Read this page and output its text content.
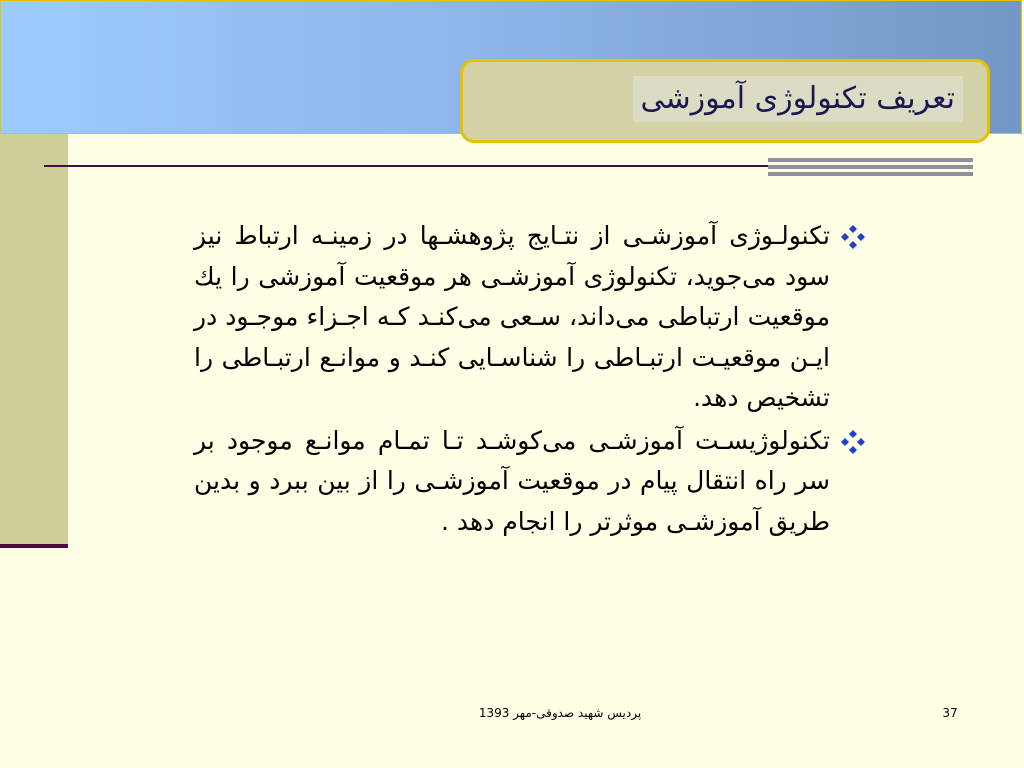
تعریف تکنولوژی آموزشی
تکنولـوژی آموزشـی از نتـایج پژوهشـها در زمینـه ارتباط نیز سود می‌جوید، تکنولوژی آموزشـی هر موقعیت آموزشی را یك موقعیت ارتباطی می‌داند، سـعی می‌کنـد کـه اجـزاء موجـود در ایـن موقعیـت ارتبـاطی را شناسـایی کنـد و موانـع ارتبـاطی را تشخیص دهد.
تکنولوژیسـت آموزشـی می‌کوشـد تـا تمـام موانـع موجود بر سر راه انتقال پیام در موقعیت آموزشـی را از بین ببرد و بدین طریق آموزشـی موثرتر را انجام دهد .
پردیس شهید صدوقی-مهر 1393	37
